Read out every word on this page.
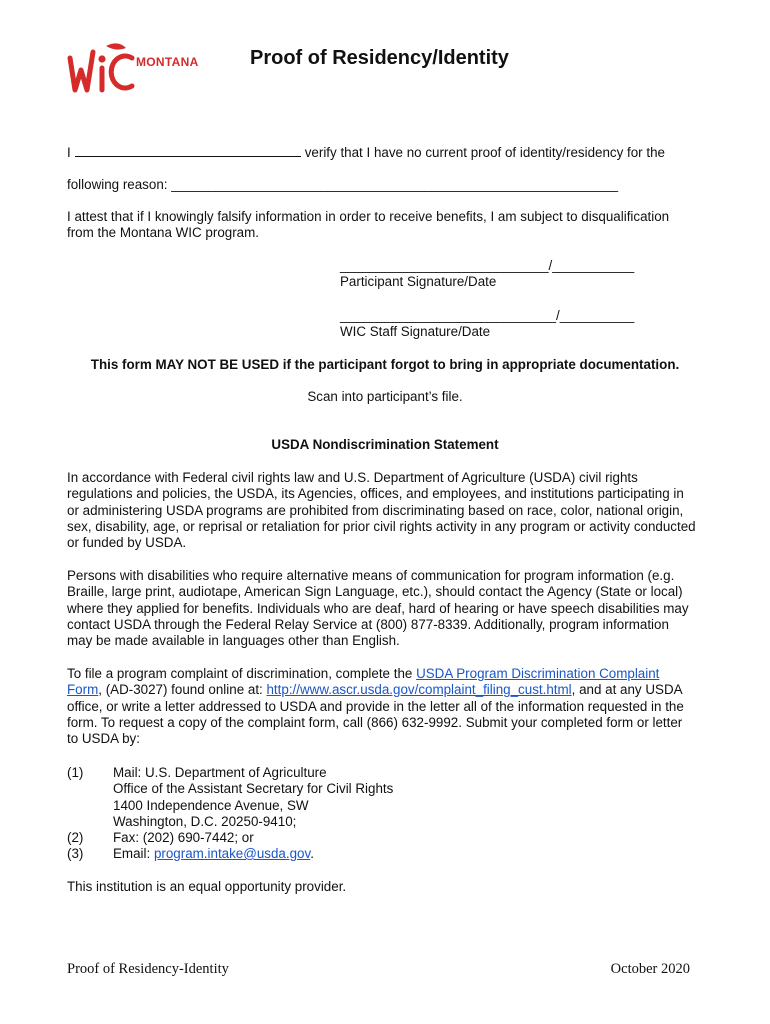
MONTANA	Proof of Residency/Identity
I	verify that I have no current proof of identity/residency for the
following reason: ____________________________________________________________
I attest that if I knowingly falsify information in order to receive benefits, I am subject to disqualification from the Montana WIC program.
____________________________/___________
Participant Signature/Date
_____________________________/__________
WIC Staff Signature/Date
This form MAY NOT BE USED if the participant forgot to bring in appropriate documentation.
Scan into participant’s file.
USDA Nondiscrimination Statement
In accordance with Federal civil rights law and U.S. Department of Agriculture (USDA) civil rights regulations and policies, the USDA, its Agencies, offices, and employees, and institutions participating in or administering USDA programs are prohibited from discriminating based on race, color, national origin, sex, disability, age, or reprisal or retaliation for prior civil rights activity in any program or activity conducted or funded by USDA.
Persons with disabilities who require alternative means of communication for program information (e.g. Braille, large print, audiotape, American Sign Language, etc.), should contact the Agency (State or local) where they applied for benefits. Individuals who are deaf, hard of hearing or have speech disabilities may contact USDA through the Federal Relay Service at (800) 877-8339. Additionally, program information may be made available in languages other than English.
To file a program complaint of discrimination, complete the USDA Program Discrimination Complaint Form, (AD-3027) found online at: http://www.ascr.usda.gov/complaint_filing_cust.html, and at any USDA office, or write a letter addressed to USDA and provide in the letter all of the information requested in the form. To request a copy of the complaint form, call (866) 632-9992. Submit your completed form or letter to USDA by:
(1)	Mail: U.S. Department of Agriculture
Office of the Assistant Secretary for Civil Rights
1400 Independence Avenue, SW
Washington, D.C. 20250-9410;
(2)	Fax: (202) 690-7442; or
(3)	Email: program.intake@usda.gov.
This institution is an equal opportunity provider.
Proof of Residency-Identity	October 2020
